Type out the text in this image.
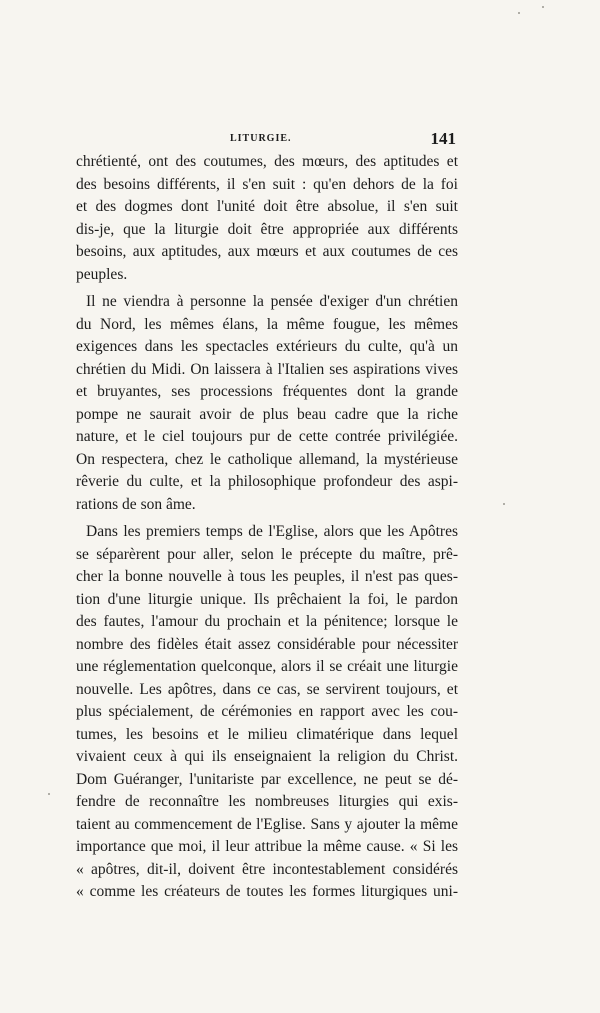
LITURGIE.	141

chrétienté, ont des coutumes, des mœurs, des aptitudes et
des besoins différents, il s'en suit : qu'en dehors de la foi
et des dogmes dont l'unité doit être absolue, il s'en suit
dis-je, que la liturgie doit être appropriée aux différents
besoins, aux aptitudes, aux mœurs et aux coutumes de ces
peuples.

Il ne viendra à personne la pensée d'exiger d'un chrétien
du Nord, les mêmes élans, la même fougue, les mêmes
exigences dans les spectacles extérieurs du culte, qu'à un
chrétien du Midi. On laissera à l'Italien ses aspirations vives
et bruyantes, ses processions fréquentes dont la grande
pompe ne saurait avoir de plus beau cadre que la riche
nature, et le ciel toujours pur de cette contrée privilégiée.
On respectera, chez le catholique allemand, la mystérieuse
rêverie du culte, et la philosophique profondeur des aspi-
rations de son âme.

Dans les premiers temps de l'Eglise, alors que les Apôtres
se séparèrent pour aller, selon le précepte du maître, prê-
cher la bonne nouvelle à tous les peuples, il n'est pas ques-
tion d'une liturgie unique. Ils prêchaient la foi, le pardon
des fautes, l'amour du prochain et la pénitence; lorsque le
nombre des fidèles était assez considérable pour nécessiter
une réglementation quelconque, alors il se créait une liturgie
nouvelle. Les apôtres, dans ce cas, se servirent toujours, et
plus spécialement, de cérémonies en rapport avec les cou-
tumes, les besoins et le milieu climatérique dans lequel
vivaient ceux à qui ils enseignaient la religion du Christ.
Dom Guéranger, l'unitariste par excellence, ne peut se dé-
fendre de reconnaître les nombreuses liturgies qui exis-
taient au commencement de l'Eglise. Sans y ajouter la même
importance que moi, il leur attribue la même cause. « Si les
« apôtres, dit-il, doivent être incontestablement considérés
« comme les créateurs de toutes les formes liturgiques uni-
